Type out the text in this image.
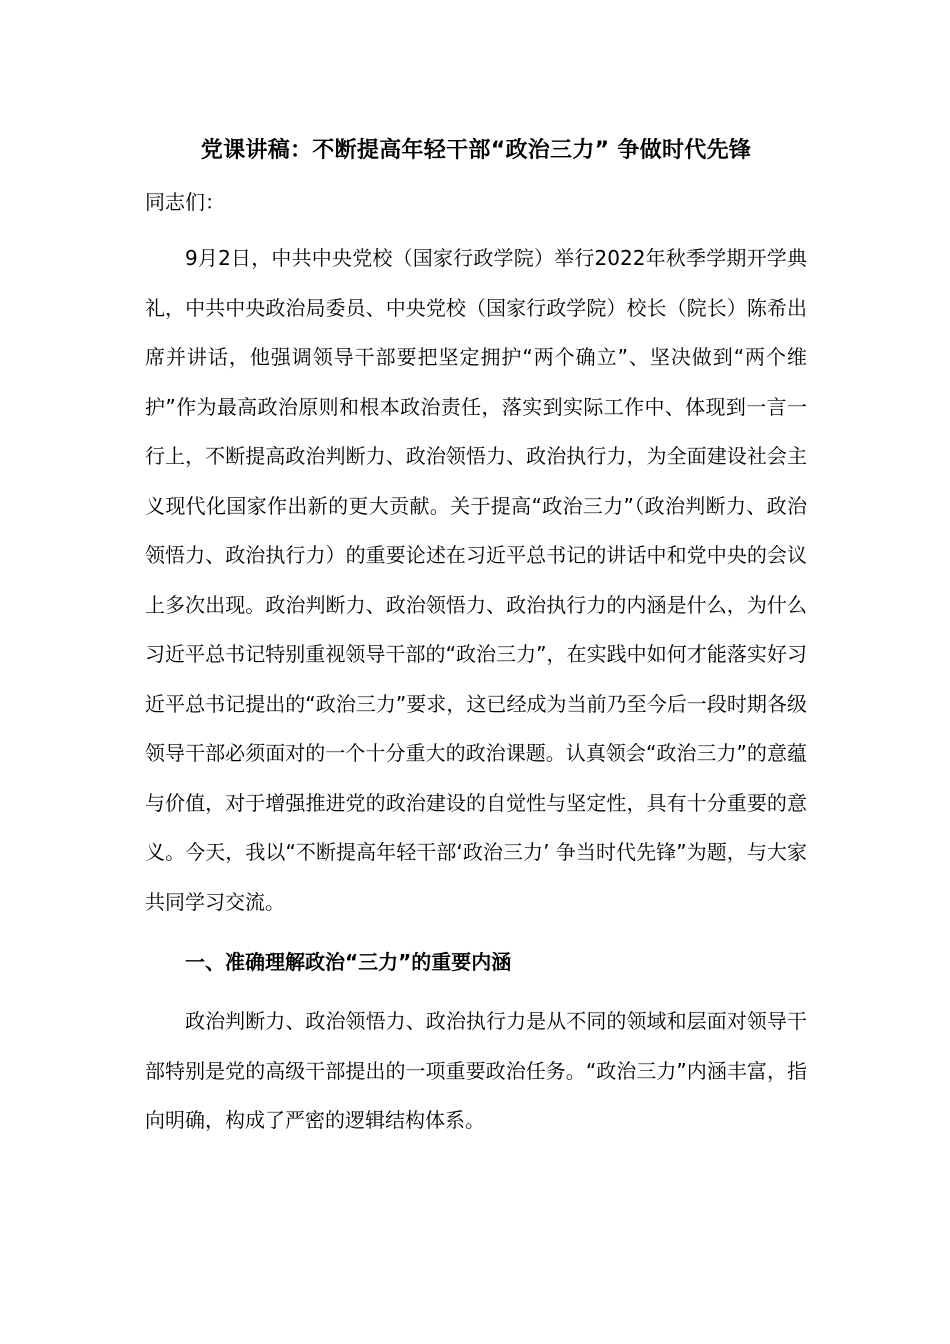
党课讲稿：不断提高年轻干部“政治三力” 争做时代先锋

同志们：

9月2日，中共中央党校（国家行政学院）举行2022年秋季学期开学典礼，中共中央政治局委员、中央党校（国家行政学院）校长（院长）陈希出席并讲话，他强调领导干部要把坚定拥护“两个确立”、坚决做到“两个维护”作为最高政治原则和根本政治责任，落实到实际工作中、体现到一言一行上，不断提高政治判断力、政治领悟力、政治执行力，为全面建设社会主义现代化国家作出新的更大贡献。关于提高“政治三力”（政治判断力、政治领悟力、政治执行力）的重要论述在习近平总书记的讲话中和党中央的会议上多次出现。政治判断力、政治领悟力、政治执行力的内涵是什么，为什么习近平总书记特别重视领导干部的“政治三力”，在实践中如何才能落实好习近平总书记提出的“政治三力”要求，这已经成为当前乃至今后一段时期各级领导干部必须面对的一个十分重大的政治课题。认真领会“政治三力”的意蕴与价值，对于增强推进党的政治建设的自觉性与坚定性，具有十分重要的意义。今天，我以“不断提高年轻干部‘政治三力’ 争当时代先锋”为题，与大家共同学习交流。

一、准确理解政治“三力”的重要内涵

政治判断力、政治领悟力、政治执行力是从不同的领域和层面对领导干部特别是党的高级干部提出的一项重要政治任务。“政治三力”内涵丰富，指向明确，构成了严密的逻辑结构体系。
